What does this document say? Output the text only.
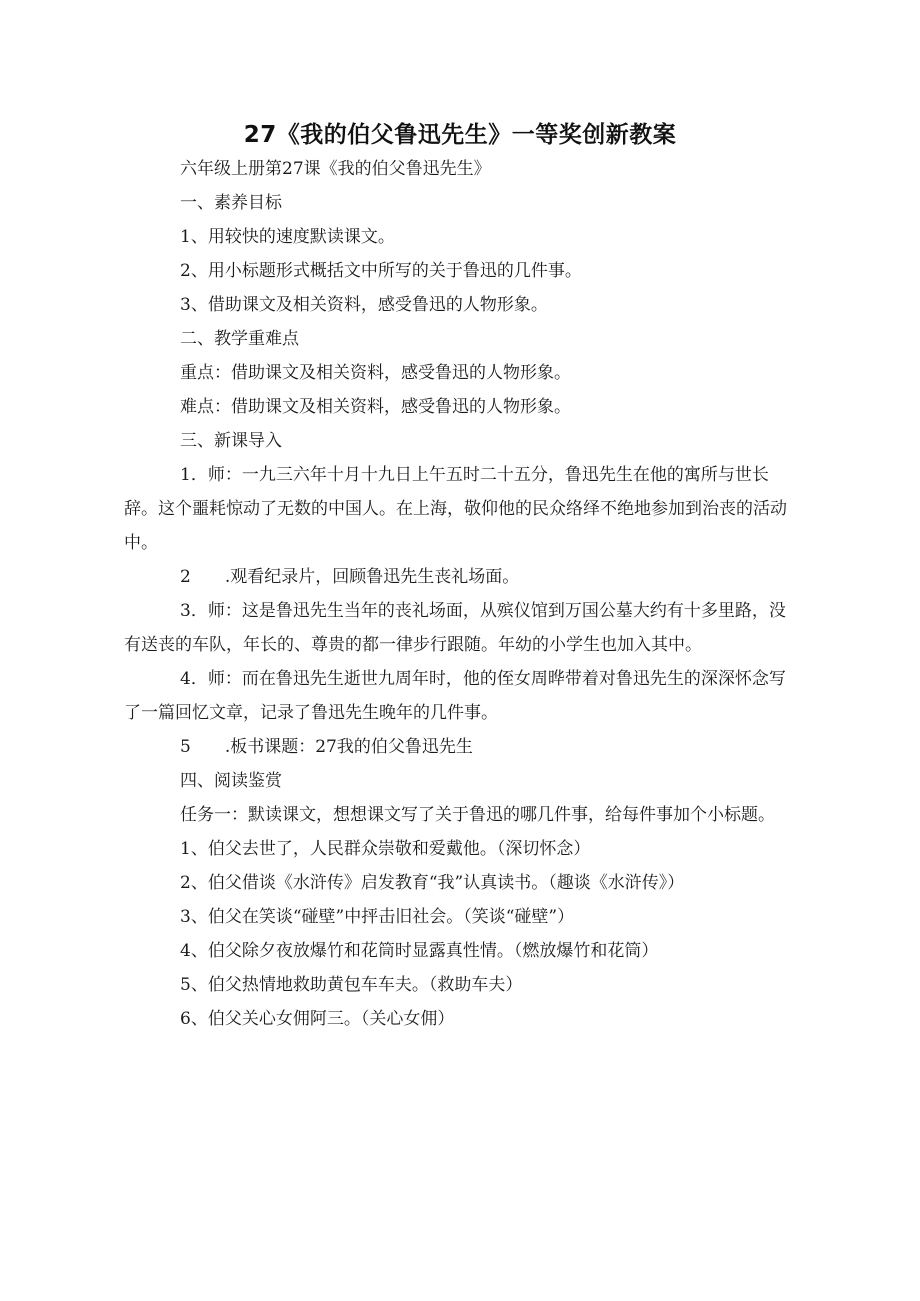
27《我的伯父鲁迅先生》一等奖创新教案

六年级上册第27课《我的伯父鲁迅先生》

一、素养目标

1、用较快的速度默读课文。

2、用小标题形式概括文中所写的关于鲁迅的几件事。

3、借助课文及相关资料，感受鲁迅的人物形象。

二、教学重难点

重点：借助课文及相关资料，感受鲁迅的人物形象。

难点：借助课文及相关资料，感受鲁迅的人物形象。

三、新课导入

1．师：一九三六年十月十九日上午五时二十五分，鲁迅先生在他的寓所与世长辞。这个噩耗惊动了无数的中国人。在上海，敬仰他的民众络绎不绝地参加到治丧的活动中。

2 .观看纪录片，回顾鲁迅先生丧礼场面。

3．师：这是鲁迅先生当年的丧礼场面，从殡仪馆到万国公墓大约有十多里路，没有送丧的车队，年长的、尊贵的都一律步行跟随。年幼的小学生也加入其中。

4．师：而在鲁迅先生逝世九周年时，他的侄女周晔带着对鲁迅先生的深深怀念写了一篇回忆文章，记录了鲁迅先生晚年的几件事。

5 .板书课题：27我的伯父鲁迅先生

四、阅读鉴赏

任务一：默读课文，想想课文写了关于鲁迅的哪几件事，给每件事加个小标题。

1、伯父去世了，人民群众崇敬和爱戴他。（深切怀念）

2、伯父借谈《水浒传》启发教育“我”认真读书。（趣谈《水浒传》）

3、伯父在笑谈“碰壁”中抨击旧社会。（笑谈“碰壁”）

4、伯父除夕夜放爆竹和花筒时显露真性情。（燃放爆竹和花筒）

5、伯父热情地救助黄包车车夫。（救助车夫）

6、伯父关心女佣阿三。（关心女佣）
